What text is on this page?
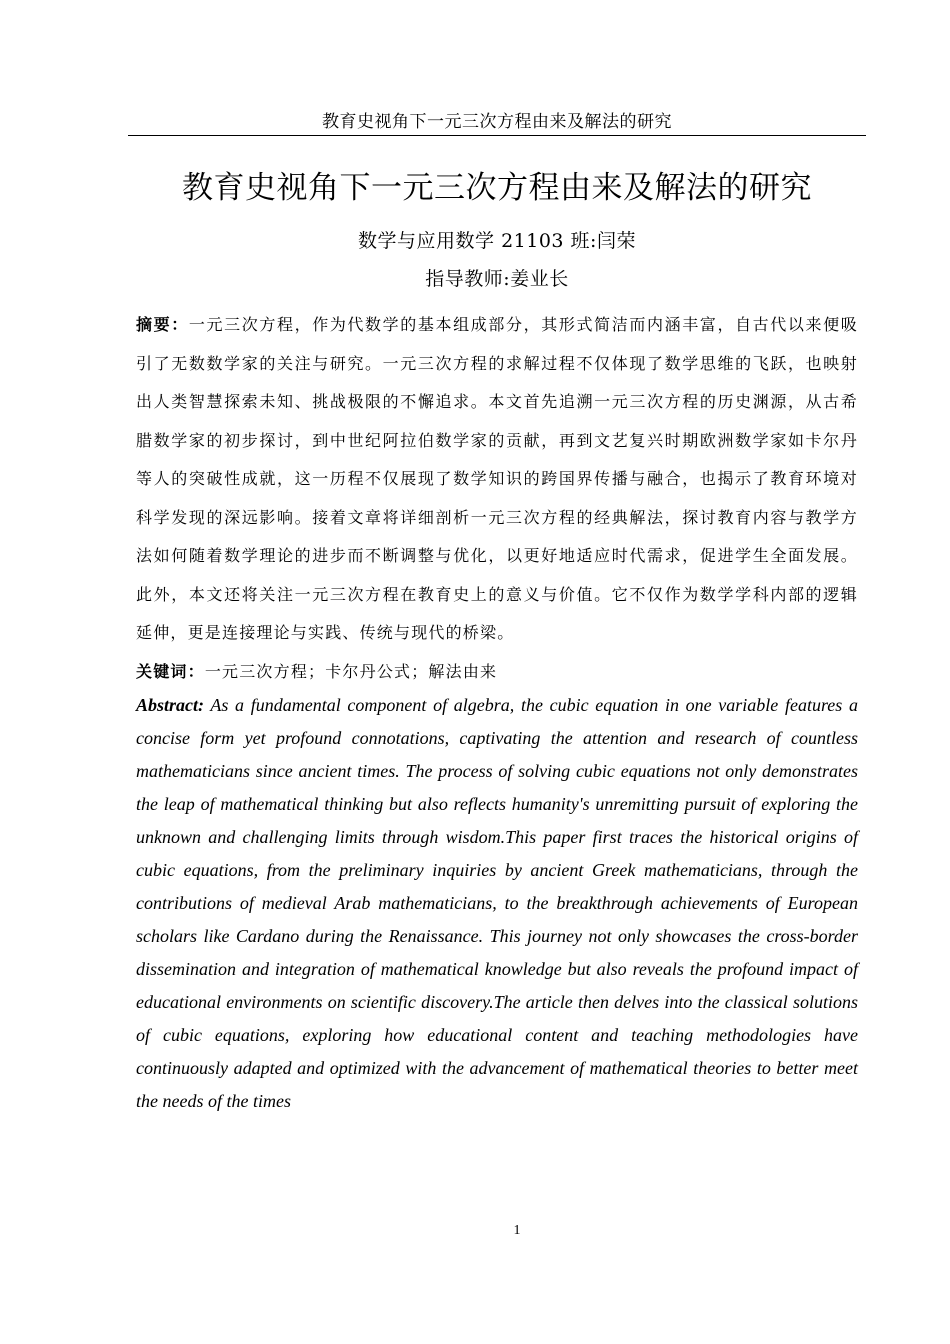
教育史视角下一元三次方程由来及解法的研究
教育史视角下一元三次方程由来及解法的研究
数学与应用数学 21103 班:闫荣
指导教师:姜业长

摘要：一元三次方程，作为代数学的基本组成部分，其形式简洁而内涵丰富，自古代以来便吸引了无数数学家的关注与研究。一元三次方程的求解过程不仅体现了数学思维的飞跃，也映射出人类智慧探索未知、挑战极限的不懈追求。本文首先追溯一元三次方程的历史渊源，从古希腊数学家的初步探讨，到中世纪阿拉伯数学家的贡献，再到文艺复兴时期欧洲数学家如卡尔丹等人的突破性成就，这一历程不仅展现了数学知识的跨国界传播与融合，也揭示了教育环境对科学发现的深远影响。接着文章将详细剖析一元三次方程的经典解法，探讨教育内容与教学方法如何随着数学理论的进步而不断调整与优化，以更好地适应时代需求，促进学生全面发展。此外，本文还将关注一元三次方程在教育史上的意义与价值。它不仅作为数学学科内部的逻辑延伸，更是连接理论与实践、传统与现代的桥梁。

关键词：一元三次方程；卡尔丹公式；解法由来

Abstract: As a fundamental component of algebra, the cubic equation in one variable features a concise form yet profound connotations, captivating the attention and research of countless mathematicians since ancient times. The process of solving cubic equations not only demonstrates the leap of mathematical thinking but also reflects humanity's unremitting pursuit of exploring the unknown and challenging limits through wisdom.This paper first traces the historical origins of cubic equations, from the preliminary inquiries by ancient Greek mathematicians, through the contributions of medieval Arab mathematicians, to the breakthrough achievements of European scholars like Cardano during the Renaissance. This journey not only showcases the cross-border dissemination and integration of mathematical knowledge but also reveals the profound impact of educational environments on scientific discovery.The article then delves into the classical solutions of cubic equations, exploring how educational content and teaching methodologies have continuously adapted and optimized with the advancement of mathematical theories to better meet the needs of the times

1
